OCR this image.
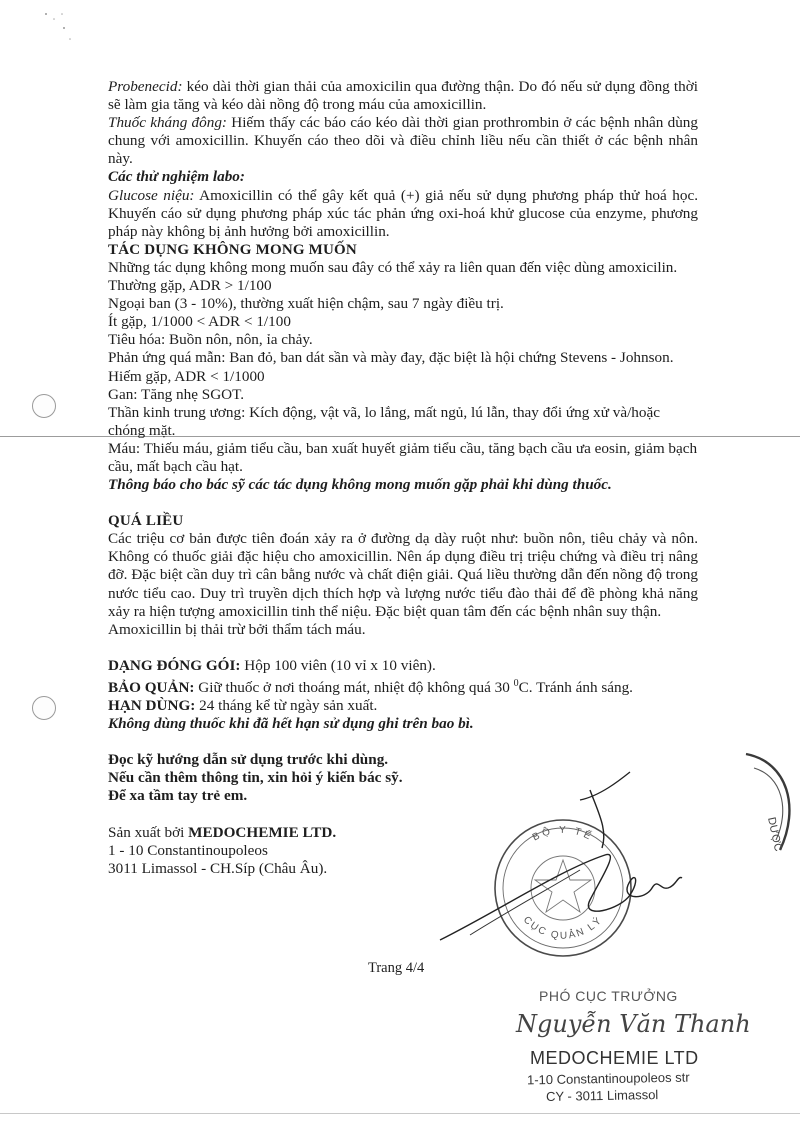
Probenecid: kéo dài thời gian thải của amoxicilin qua đường thận. Do đó nếu sử dụng đồng thời sẽ làm gia tăng và kéo dài nồng độ trong máu của amoxicillin.

Thuốc kháng đông: Hiếm thấy các báo cáo kéo dài thời gian prothrombin ở các bệnh nhân dùng chung với amoxicillin. Khuyến cáo theo dõi và điều chỉnh liều nếu cần thiết ở các bệnh nhân này.

Các thử nghiệm labo:

Glucose niệu: Amoxicillin có thể gây kết quả (+) giả nếu sử dụng phương pháp thử hoá học. Khuyến cáo sử dụng phương pháp xúc tác phản ứng oxi-hoá khử glucose của enzyme, phương pháp này không bị ảnh hưởng bởi amoxicillin.

TÁC DỤNG KHÔNG MONG MUỐN

Những tác dụng không mong muốn sau đây có thể xảy ra liên quan đến việc dùng amoxicilin.

Thường gặp, ADR > 1/100

Ngoại ban (3 - 10%), thường xuất hiện chậm, sau 7 ngày điều trị.

Ít gặp, 1/1000 < ADR < 1/100

Tiêu hóa: Buồn nôn, nôn, ỉa chảy.

Phản ứng quá mẫn: Ban đỏ, ban dát sần và mày đay, đặc biệt là hội chứng Stevens - Johnson.

Hiếm gặp, ADR < 1/1000

Gan: Tăng nhẹ SGOT.

Thần kinh trung ương: Kích động, vật vã, lo lắng, mất ngủ, lú lẫn, thay đổi ứng xử và/hoặc chóng mặt.

Máu: Thiếu máu, giảm tiểu cầu, ban xuất huyết giảm tiểu cầu, tăng bạch cầu ưa eosin, giảm bạch cầu, mất bạch cầu hạt.

Thông báo cho bác sỹ các tác dụng không mong muốn gặp phải khi dùng thuốc.

QUÁ LIỀU

Các triệu cơ bản được tiên đoán xảy ra ở đường dạ dày ruột như: buồn nôn, tiêu chảy và nôn. Không có thuốc giải đặc hiệu cho amoxicillin. Nên áp dụng điều trị triệu chứng và điều trị nâng đỡ. Đặc biệt cần duy trì cân bằng nước và chất điện giải. Quá liều thường dẫn đến nồng độ trong nước tiểu cao. Duy trì truyền dịch thích hợp và lượng nước tiểu đào thải để đề phòng khả năng xảy ra hiện tượng amoxicillin tinh thể niệu. Đặc biệt quan tâm đến các bệnh nhân suy thận.

Amoxicillin bị thải trừ bởi thẩm tách máu.

DẠNG ĐÓNG GÓI: Hộp 100 viên (10 vỉ x 10 viên).

BẢO QUẢN: Giữ thuốc ở nơi thoáng mát, nhiệt độ không quá 30 $^0$C. Tránh ánh sáng.

HẠN DÙNG: 24 tháng kể từ ngày sản xuất.

Không dùng thuốc khi đã hết hạn sử dụng ghi trên bao bì.

Đọc kỹ hướng dẫn sử dụng trước khi dùng.

Nếu cần thêm thông tin, xin hỏi ý kiến bác sỹ.

Để xa tầm tay trẻ em.

Sản xuất bởi MEDOCHEMIE LTD.

1 - 10 Constantinoupoleos

3011 Limassol - CH.Síp (Châu Âu).

Trang 4/4
BỘ Y TẾ
CỤC QUẢN LÝ
DƯỢC
PHÓ CỤC TRƯỞNG
Nguyễn Văn Thanh
MEDOCHEMIE LTD
1-10 Constantinoupoleos str
CY - 3011 Limassol
